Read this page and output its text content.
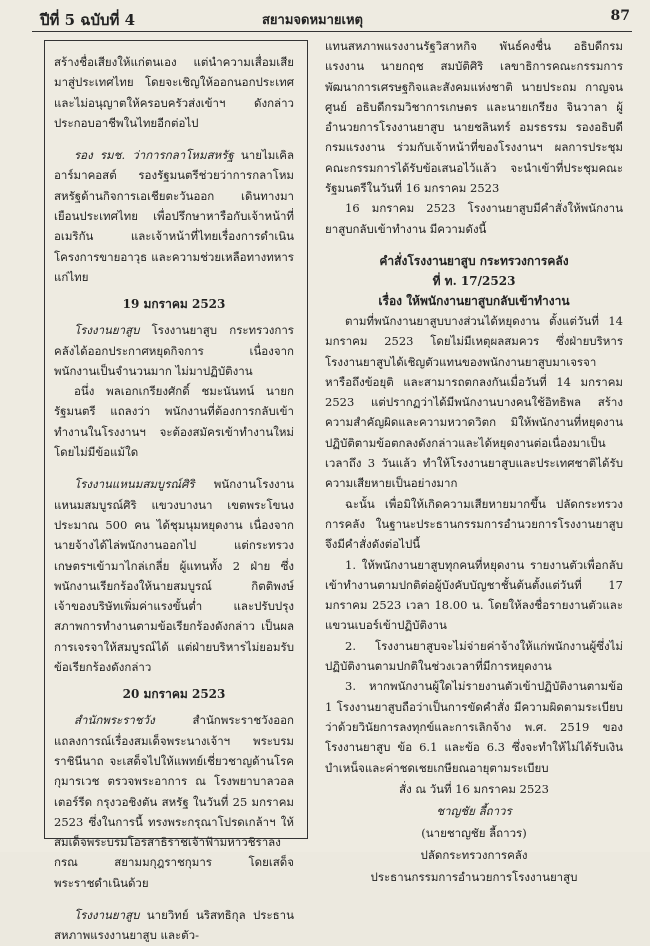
ปีที่ 5 ฉบับที่ 4	สยามจดหมายเหตุ	87

สร้างชื่อเสียงให้แก่ตนเอง แต่นำความเสื่อมเสียมาสู่ประเทศไทย โดยจะเชิญให้ออกนอกประเทศและไม่อนุญาตให้ครอบครัวส่งเข้าฯ ดังกล่าวประกอบอาชีพในไทยอีกต่อไป

รอง รมช. ว่าการกลาโหมสหรัฐ นายไมเคิล อาร์มาคอสต์ รองรัฐมนตรีช่วยว่าการกลาโหมสหรัฐด้านกิจการเอเชียตะวันออก เดินทางมาเยือนประเทศไทย เพื่อปรึกษาหารือกับเจ้าหน้าที่อเมริกัน และเจ้าหน้าที่ไทยเรื่องการดำเนินโครงการขายอาวุธ และความช่วยเหลือทางทหารแก่ไทย

19 มกราคม 2523

โรงงานยาสูบ โรงงานยาสูบ กระทรวงการคลังได้ออกประกาศหยุดกิจการ เนื่องจากพนักงานเป็นจำนวนมาก ไม่มาปฏิบัติงาน

อนึ่ง พลเอกเกรียงศักดิ์ ชมะนันทน์ นายกรัฐมนตรี แถลงว่า พนักงานที่ต้องการกลับเข้าทำงานในโรงงานฯ จะต้องสมัครเข้าทำงานใหม่ โดยไม่มีข้อแม้ใด

โรงงานแหนมสมบูรณ์ศิริ พนักงานโรงงานแหนมสมบูรณ์ศิริ แขวงบางนา เขตพระโขนง ประมาณ 500 คน ได้ชุมนุมหยุดงาน เนื่องจากนายจ้างได้ไล่พนักงานออกไป แต่กระทรวงเกษตรฯเข้ามาไกล่เกลี่ย ผู้แทนทั้ง 2 ฝ่าย ซึ่งพนักงานเรียกร้องให้นายสมบูรณ์ กิตติพงษ์ เจ้าของบริษัทเพิ่มค่าแรงขั้นต่ำ และปรับปรุงสภาพการทำงานตามข้อเรียกร้องดังกล่าว เป็นผลการเจรจาให้สมบูรณ์ได้ แต่ฝ่ายบริหารไม่ยอมรับข้อเรียกร้องดังกล่าว

20 มกราคม 2523

สำนักพระราชวัง	สำนักพระราชวังออกแถลงการณ์เรื่องสมเด็จพระนางเจ้าฯ พระบรมราชินีนาถ จะเสด็จไปให้แพทย์เชี่ยวชาญด้านโรคกุมารเวช ตรวจพระอาการ ณ โรงพยาบาลวอลเตอร์รีด กรุงวอชิงตัน สหรัฐ ในวันที่ 25 มกราคม 2523 ซึ่งในการนี้ ทรงพระกรุณาโปรดเกล้าฯ ให้สมเด็จพระบรมโอรสาธิราชเจ้าฟ้ามหาวชิราลงกรณ สยามมกุฎราชกุมาร โดยเสด็จพระราชดำเนินด้วย

โรงงานยาสูบ นายวิทย์ นริสทธิกุล ประธานสหภาพแรงงานยาสูบ และตัว-

แทนสหภาพแรงงานรัฐวิสาหกิจ พันธ์คงชื่น อธิบดีกรมแรงงาน นายกฤช สมบัติศิริ เลขาธิการคณะกรรมการพัฒนาการเศรษฐกิจและสังคมแห่งชาติ นายประถม กาญจนศูนย์ อธิบดีกรมวิชาการเกษตร และนายเกรียง จินวาลา ผู้อำนวยการโรงงานยาสูบ นายชลินทร์ อมรธรรม รองอธิบดีกรมแรงงาน ร่วมกับเจ้าหน้าที่ของโรงงานฯ ผลการประชุมคณะกรรมการได้รับข้อเสนอไว้แล้ว จะนำเข้าที่ประชุมคณะรัฐมนตรีในวันที่ 16 มกราคม 2523

16 มกราคม 2523 โรงงานยาสูบมีคำสั่งให้พนักงานยาสูบกลับเข้าทำงาน มีความดังนี้

คำสั่งโรงงานยาสูบ กระทรวงการคลัง
ที่ ท. 17/2523
เรื่อง ให้พนักงานยาสูบกลับเข้าทำงาน

ตามที่พนักงานยาสูบบางส่วนได้หยุดงาน ตั้งแต่วันที่ 14 มกราคม 2523 โดยไม่มีเหตุผลสมควร ซึ่งฝ่ายบริหารโรงงานยาสูบได้เชิญตัวแทนของพนักงานยาสูบมาเจรจาหารือถึงข้อยุติ และสามารถตกลงกันเมื่อวันที่ 14 มกราคม 2523 แต่ปรากฏว่าได้มีพนักงานบางคนใช้อิทธิพล สร้างความสำคัญผิดและความหวาดวิตก มิให้พนักงานที่หยุดงานปฏิบัติตามข้อตกลงดังกล่าวและได้หยุดงานต่อเนื่องมาเป็นเวลาถึง 3 วันแล้ว ทำให้โรงงานยาสูบและประเทศชาติได้รับความเสียหายเป็นอย่างมาก

ฉะนั้น เพื่อมิให้เกิดความเสียหายมากขึ้น ปลัดกระทรวงการคลัง ในฐานะประธานกรรมการอำนวยการโรงงานยาสูบ จึงมีคำสั่งดังต่อไปนี้

1. ให้พนักงานยาสูบทุกคนที่หยุดงาน รายงานตัวเพื่อกลับเข้าทำงานตามปกติต่อผู้บังคับบัญชาชั้นต้นตั้งแต่วันที่ 17 มกราคม 2523 เวลา 18.00 น. โดยให้ลงชื่อรายงานตัวและแขวนเบอร์เข้าปฏิบัติงาน

2. โรงงานยาสูบจะไม่จ่ายค่าจ้างให้แก่พนักงานผู้ซึ่งไม่ปฏิบัติงานตามปกติในช่วงเวลาที่มีการหยุดงาน

3. หากพนักงานผู้ใดไม่รายงานตัวเข้าปฏิบัติงานตามข้อ 1 โรงงานยาสูบถือว่าเป็นการขัดคำสั่ง มีความผิดตามระเบียบว่าด้วยวินัยการลงทุกข์และการเลิกจ้าง พ.ศ. 2519 ของโรงงานยาสูบ ข้อ 6.1 และข้อ 6.3 ซึ่งจะทำให้ไม่ได้รับเงินบำเหน็จและค่าชดเชยเกษียณอายุตามระเบียบ

สั่ง ณ วันที่ 16 มกราคม 2523
ชาญชัย ลี้ถาวร
(นายชาญชัย ลี้ถาวร)
ปลัดกระทรวงการคลัง
ประธานกรรมการอำนวยการโรงงานยาสูบ
